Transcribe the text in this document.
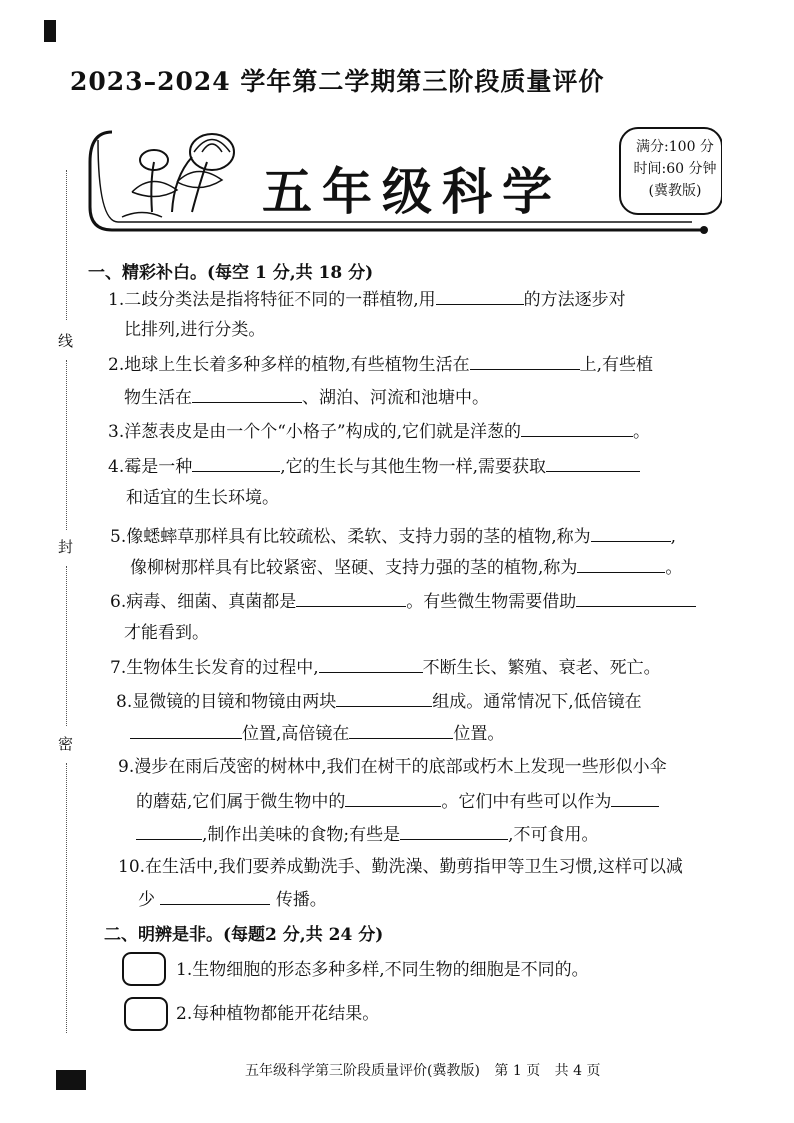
2023–2024 学年第二学期第三阶段质量评价
五年级科学
满分:100 分
时间:60 分钟
(冀教版)
线
封
密
一、精彩补白。(每空 1 分,共 18 分)
1.二歧分类法是指将特征不同的一群植物,用	的方法逐步对
比排列,进行分类。
2.地球上生长着多种多样的植物,有些植物生活在	上,有些植
物生活在	、湖泊、河流和池塘中。
3.洋葱表皮是由一个个“小格子”构成的,它们就是洋葱的	。
4.霉是一种	,它的生长与其他生物一样,需要获取
和适宜的生长环境。
5.像蟋蟀草那样具有比较疏松、柔软、支持力弱的茎的植物,称为	,
像柳树那样具有比较紧密、坚硬、支持力强的茎的植物,称为	。
6.病毒、细菌、真菌都是	。有些微生物需要借助
才能看到。
7.生物体生长发育的过程中,	不断生长、繁殖、衰老、死亡。
8.显微镜的目镜和物镜由两块	组成。通常情况下,低倍镜在
位置,高倍镜在	位置。
9.漫步在雨后茂密的树林中,我们在树干的底部或朽木上发现一些形似小伞
的蘑菇,它们属于微生物中的	。它们中有些可以作为
,制作出美味的食物;有些是	,不可食用。
10.在生活中,我们要养成勤洗手、勤洗澡、勤剪指甲等卫生习惯,这样可以减
少	传播。
二、明辨是非。(每题2 分,共 24 分)
1.生物细胞的形态多种多样,不同生物的细胞是不同的。
2.每种植物都能开花结果。
五年级科学第三阶段质量评价(冀教版) 第 1 页 共 4 页
